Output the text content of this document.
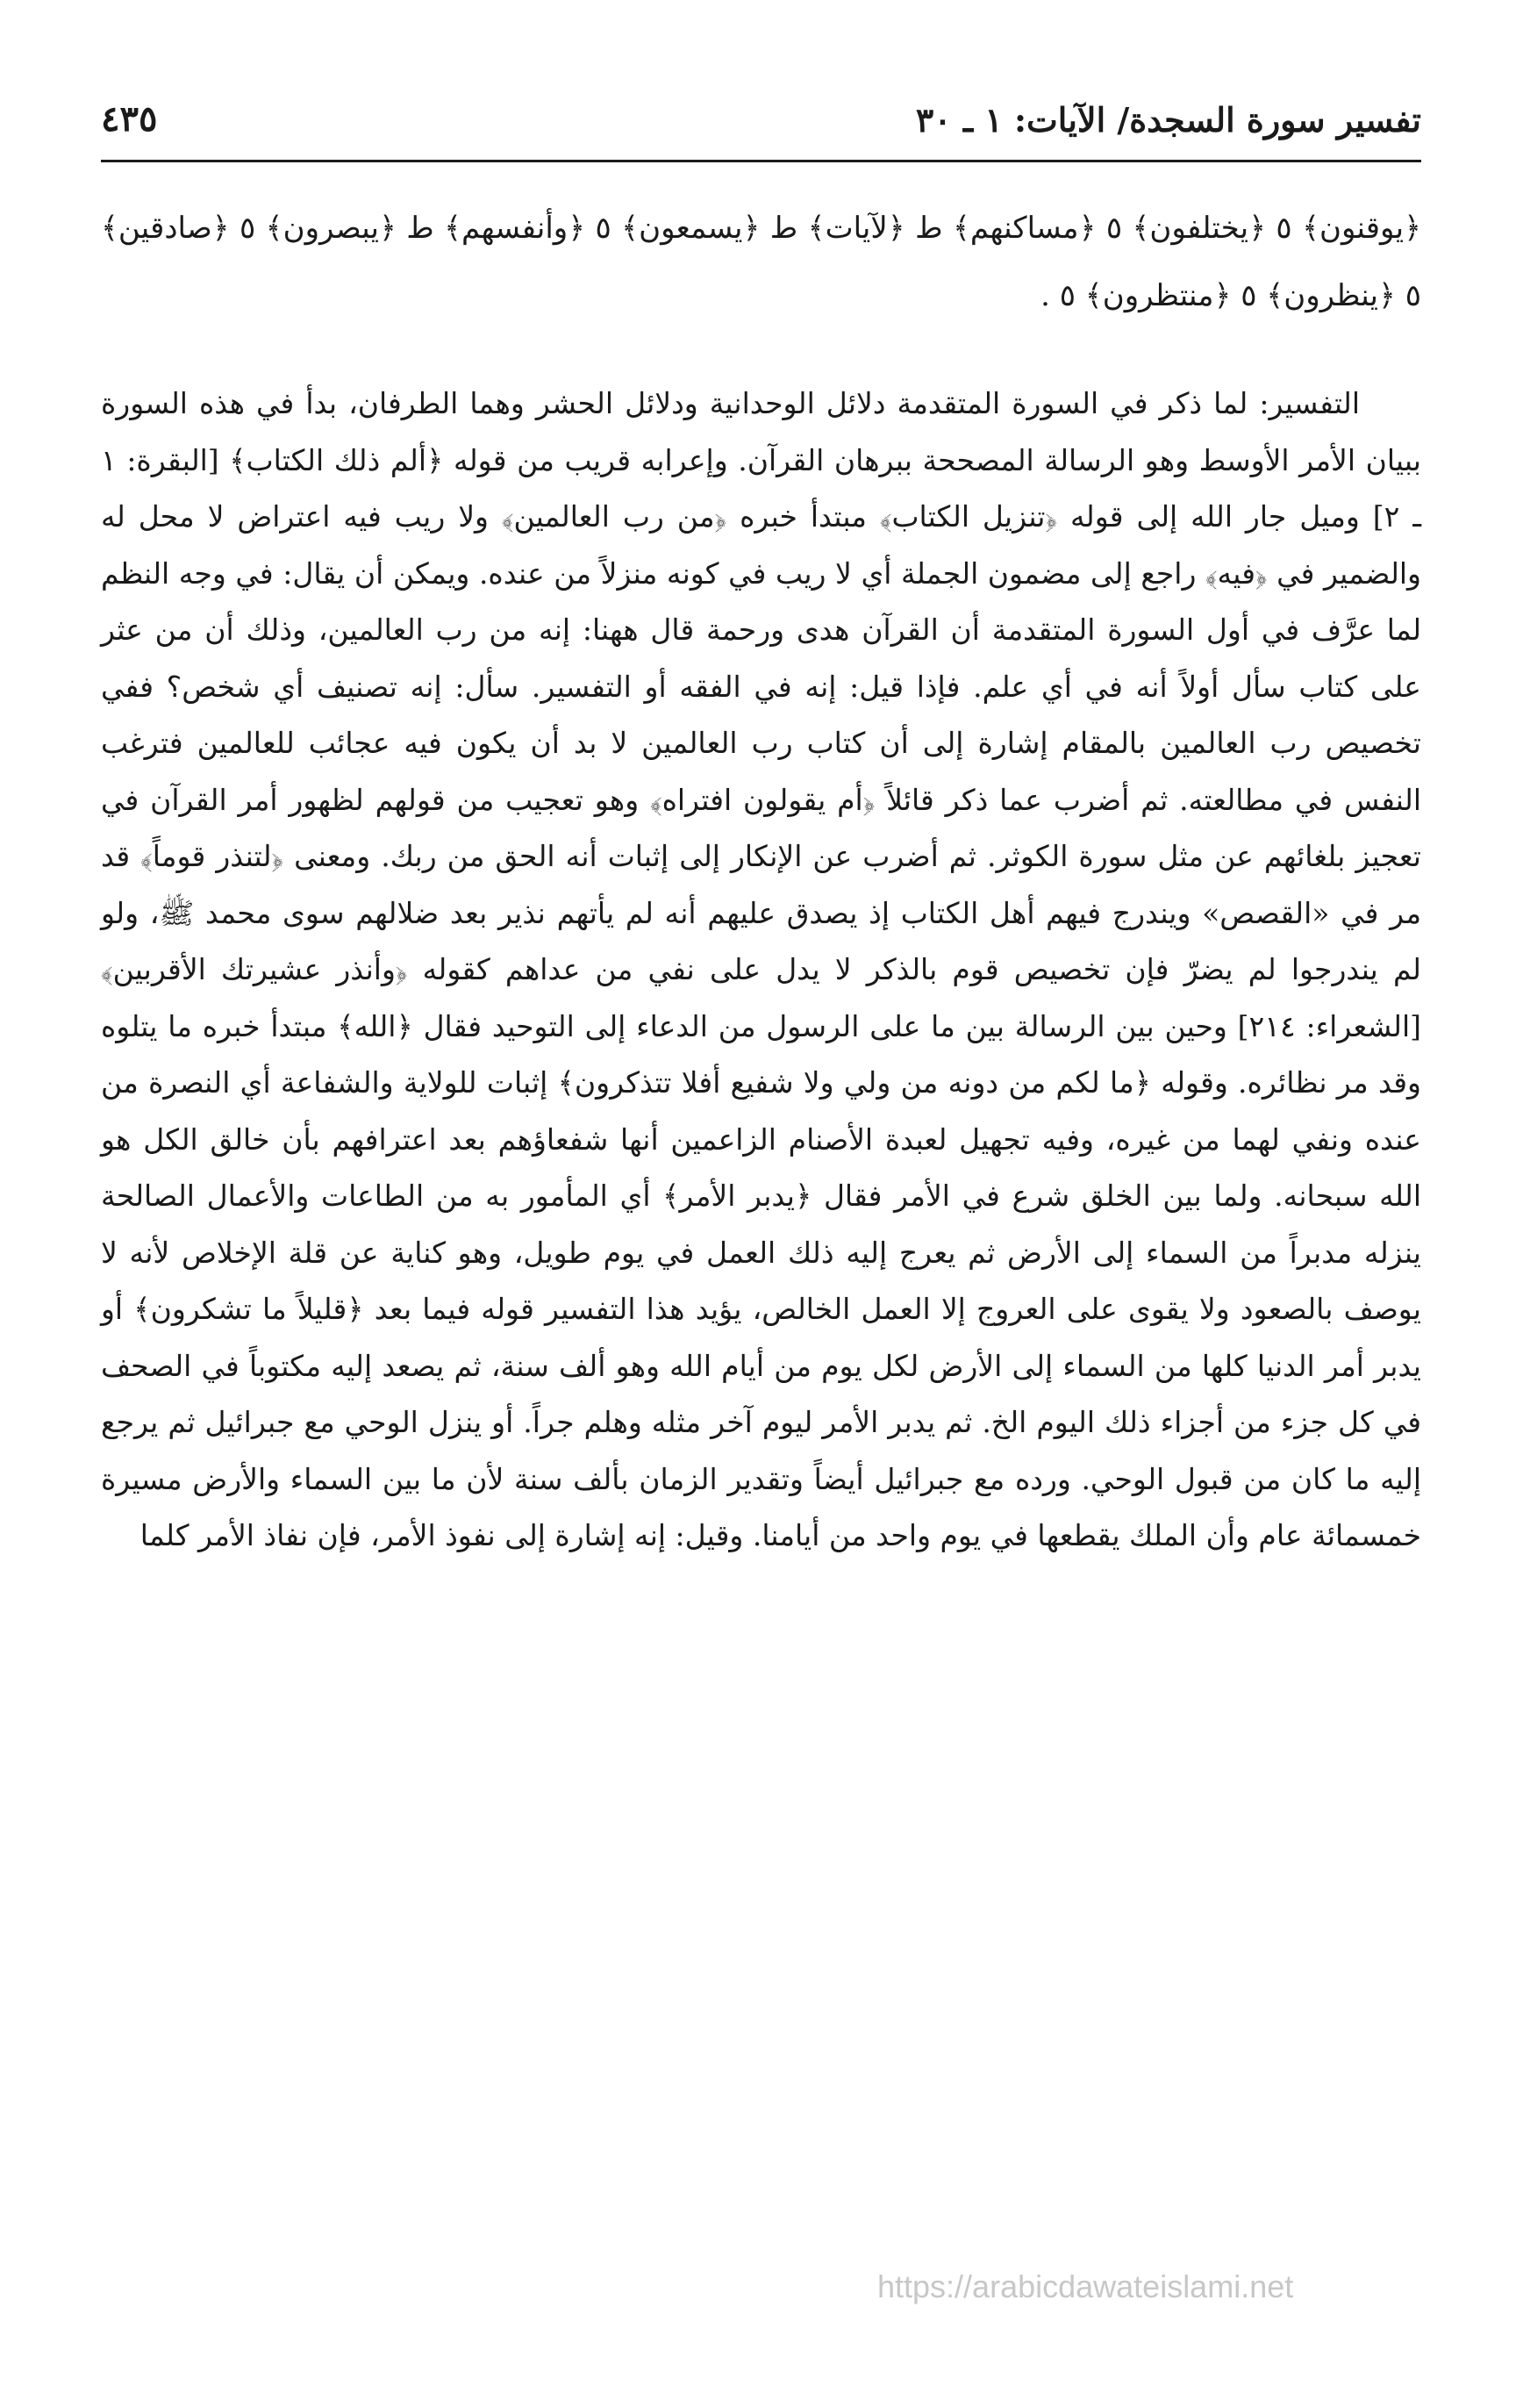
تفسير سورة السجدة/ الآيات: ١ ـ ٣٠
٤٣٥

﴿يوقنون﴾ ٥ ﴿يختلفون﴾ ٥ ﴿مساكنهم﴾ ط ﴿لآيات﴾ ط ﴿يسمعون﴾ ٥ ﴿وأنفسهم﴾ ط ﴿يبصرون﴾ ٥ ﴿صادقين﴾ ٥ ﴿ينظرون﴾ ٥ ﴿منتظرون﴾ ٥ .

التفسير: لما ذكر في السورة المتقدمة دلائل الوحدانية ودلائل الحشر وهما الطرفان، بدأ في هذه السورة ببيان الأمر الأوسط وهو الرسالة المصححة ببرهان القرآن. وإعرابه قريب من قوله ﴿ألم ذلك الكتاب﴾ [البقرة: ١ ـ ٢] وميل جار الله إلى قوله ﴿تنزيل الكتاب﴾ مبتدأ خبره ﴿من رب العالمين﴾ ولا ريب فيه اعتراض لا محل له والضمير في ﴿فيه﴾ راجع إلى مضمون الجملة أي لا ريب في كونه منزلاً من عنده. ويمكن أن يقال: في وجه النظم لما عرَّف في أول السورة المتقدمة أن القرآن هدى ورحمة قال ههنا: إنه من رب العالمين، وذلك أن من عثر على كتاب سأل أولاً أنه في أي علم. فإذا قيل: إنه في الفقه أو التفسير. سأل: إنه تصنيف أي شخص؟ ففي تخصيص رب العالمين بالمقام إشارة إلى أن كتاب رب العالمين لا بد أن يكون فيه عجائب للعالمين فترغب النفس في مطالعته. ثم أضرب عما ذكر قائلاً ﴿أم يقولون افتراه﴾ وهو تعجيب من قولهم لظهور أمر القرآن في تعجيز بلغائهم عن مثل سورة الكوثر. ثم أضرب عن الإنكار إلى إثبات أنه الحق من ربك. ومعنى ﴿لتنذر قوماً﴾ قد مر في «القصص» ويندرج فيهم أهل الكتاب إذ يصدق عليهم أنه لم يأتهم نذير بعد ضلالهم سوى محمد ﷺ، ولو لم يندرجوا لم يضرّ فإن تخصيص قوم بالذكر لا يدل على نفي من عداهم كقوله ﴿وأنذر عشيرتك الأقربين﴾ [الشعراء: ٢١٤] وحين بين الرسالة بين ما على الرسول من الدعاء إلى التوحيد فقال ﴿الله﴾ مبتدأ خبره ما يتلوه وقد مر نظائره. وقوله ﴿ما لكم من دونه من ولي ولا شفيع أفلا تتذكرون﴾ إثبات للولاية والشفاعة أي النصرة من عنده ونفي لهما من غيره، وفيه تجهيل لعبدة الأصنام الزاعمين أنها شفعاؤهم بعد اعترافهم بأن خالق الكل هو الله سبحانه. ولما بين الخلق شرع في الأمر فقال ﴿يدبر الأمر﴾ أي المأمور به من الطاعات والأعمال الصالحة ينزله مدبراً من السماء إلى الأرض ثم يعرج إليه ذلك العمل في يوم طويل، وهو كناية عن قلة الإخلاص لأنه لا يوصف بالصعود ولا يقوى على العروج إلا العمل الخالص، يؤيد هذا التفسير قوله فيما بعد ﴿قليلاً ما تشكرون﴾ أو يدبر أمر الدنيا كلها من السماء إلى الأرض لكل يوم من أيام الله وهو ألف سنة، ثم يصعد إليه مكتوباً في الصحف في كل جزء من أجزاء ذلك اليوم الخ. ثم يدبر الأمر ليوم آخر مثله وهلم جراً. أو ينزل الوحي مع جبرائيل ثم يرجع إليه ما كان من قبول الوحي. ورده مع جبرائيل أيضاً وتقدير الزمان بألف سنة لأن ما بين السماء والأرض مسيرة خمسمائة عام وأن الملك يقطعها في يوم واحد من أيامنا. وقيل: إنه إشارة إلى نفوذ الأمر، فإن نفاذ الأمر كلما

https://arabicdawateislami.net
